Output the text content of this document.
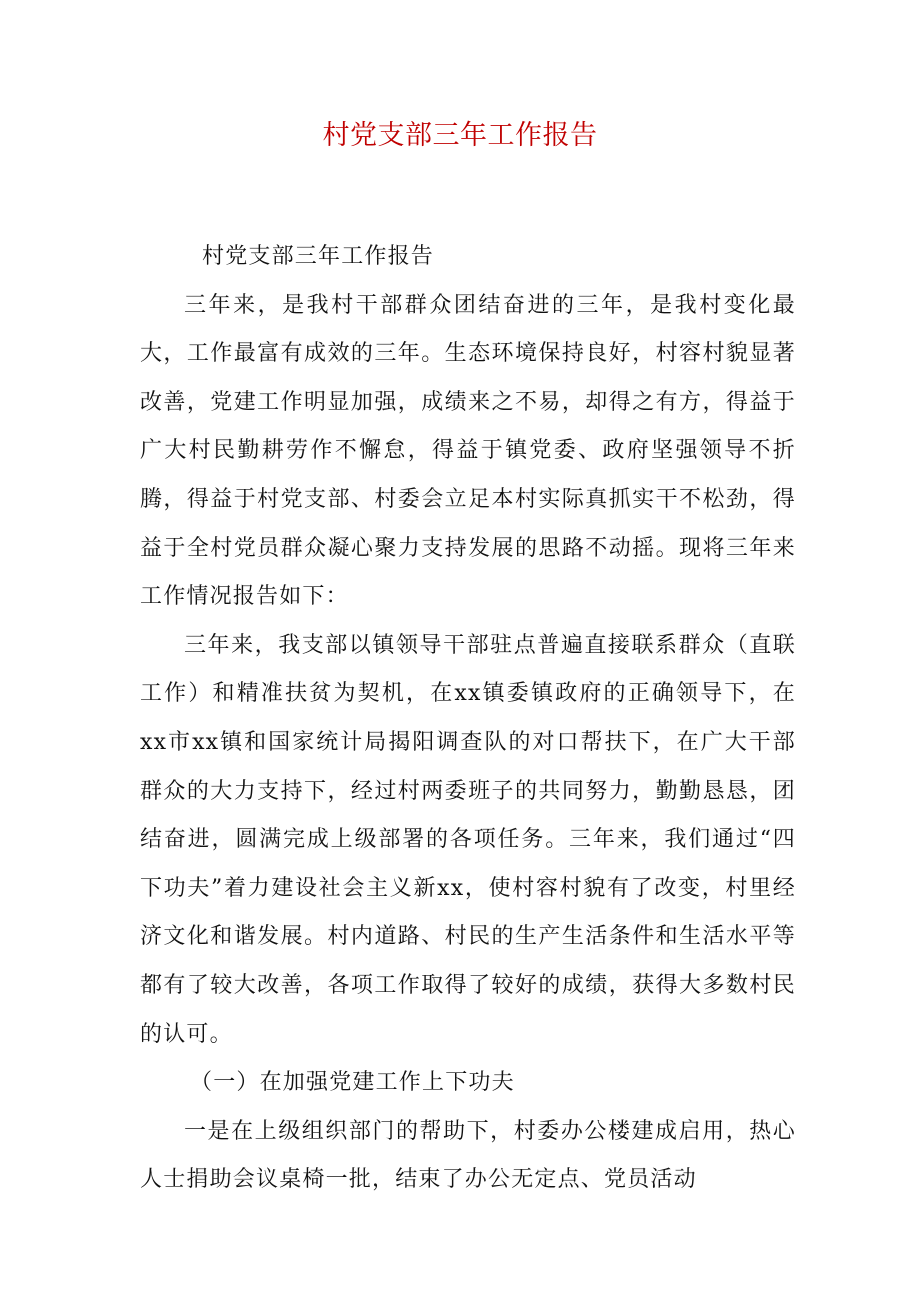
村党支部三年工作报告

村党支部三年工作报告

三年来，是我村干部群众团结奋进的三年，是我村变化最大，工作最富有成效的三年。生态环境保持良好，村容村貌显著改善，党建工作明显加强，成绩来之不易，却得之有方，得益于广大村民勤耕劳作不懈怠，得益于镇党委、政府坚强领导不折腾，得益于村党支部、村委会立足本村实际真抓实干不松劲，得益于全村党员群众凝心聚力支持发展的思路不动摇。现将三年来工作情况报告如下：

三年来，我支部以镇领导干部驻点普遍直接联系群众（直联工作）和精准扶贫为契机，在xx镇委镇政府的正确领导下，在xx市xx镇和国家统计局揭阳调查队的对口帮扶下，在广大干部群众的大力支持下，经过村两委班子的共同努力，勤勤恳恳，团结奋进，圆满完成上级部署的各项任务。三年来，我们通过“四下功夫”着力建设社会主义新xx，使村容村貌有了改变，村里经济文化和谐发展。村内道路、村民的生产生活条件和生活水平等都有了较大改善，各项工作取得了较好的成绩，获得大多数村民的认可。

（一）在加强党建工作上下功夫

一是在上级组织部门的帮助下，村委办公楼建成启用，热心人士捐助会议桌椅一批，结束了办公无定点、党员活动
